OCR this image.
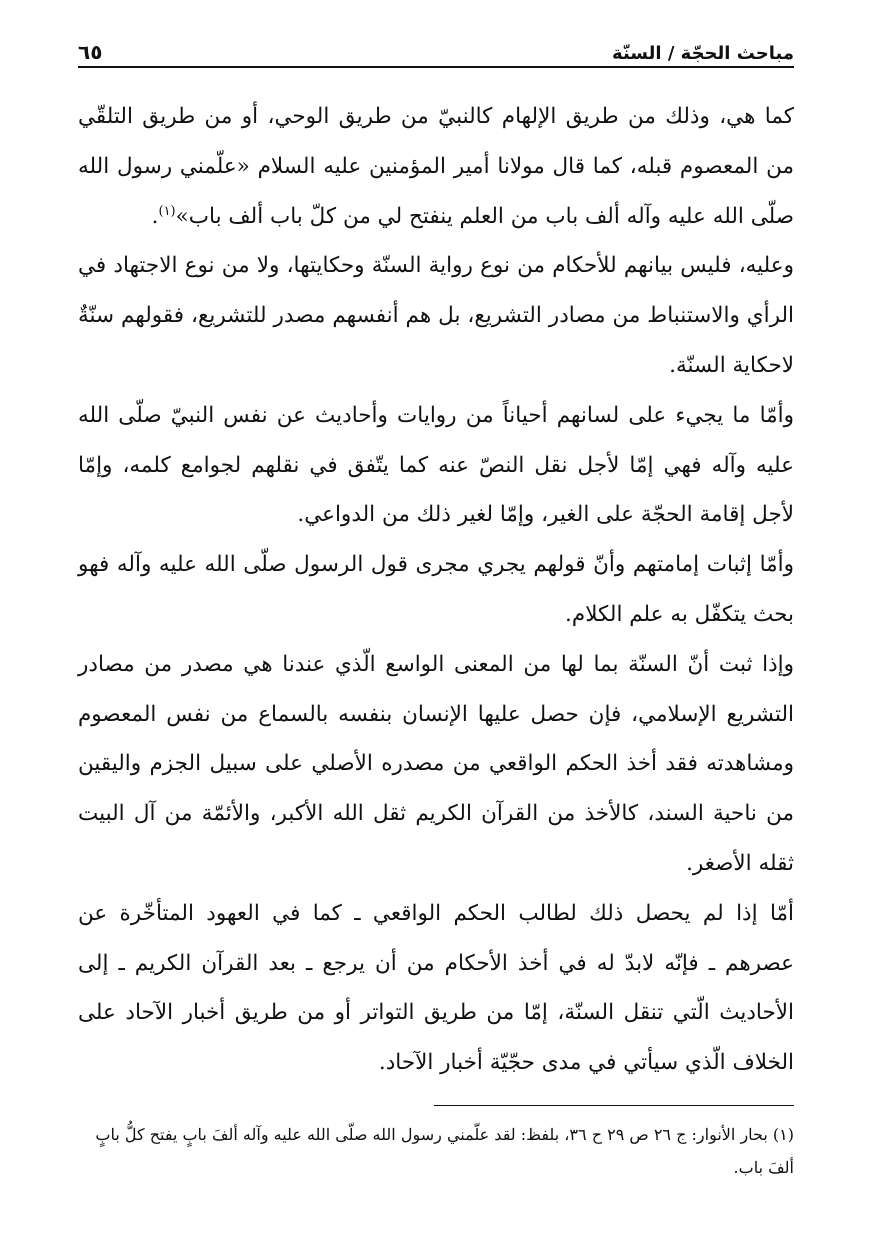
مباحث الحجّة / السنّة
٦٥

كما هي، وذلك من طريق الإلهام كالنبيّ من طريق الوحي، أو من طريق التلقّي من المعصوم قبله، كما قال مولانا أمير المؤمنين عليه السلام «علّمني رسول الله صلّى الله عليه وآله ألف باب من العلم ينفتح لي من كلّ باب ألف باب»$^{(١)}$.

وعليه، فليس بيانهم للأحكام من نوع رواية السنّة وحكايتها، ولا من نوع الاجتهاد في الرأي والاستنباط من مصادر التشريع، بل هم أنفسهم مصدر للتشريع، فقولهم سنّةٌ لاحكاية السنّة.

وأمّا ما يجيء على لسانهم أحياناً من روايات وأحاديث عن نفس النبيّ صلّى الله عليه وآله فهي إمّا لأجل نقل النصّ عنه كما يتّفق في نقلهم لجوامع كلمه، وإمّا لأجل إقامة الحجّة على الغير، وإمّا لغير ذلك من الدواعي.

وأمّا إثبات إمامتهم وأنّ قولهم يجري مجرى قول الرسول صلّى الله عليه وآله فهو بحث يتكفّل به علم الكلام.

وإذا ثبت أنّ السنّة بما لها من المعنى الواسع الّذي عندنا هي مصدر من مصادر التشريع الإسلامي، فإن حصل عليها الإنسان بنفسه بالسماع من نفس المعصوم ومشاهدته فقد أخذ الحكم الواقعي من مصدره الأصلي على سبيل الجزم واليقين من ناحية السند، كالأخذ من القرآن الكريم ثقل الله الأكبر، والأئمّة من آل البيت ثقله الأصغر.

أمّا إذا لم يحصل ذلك لطالب الحكم الواقعي ـ كما في العهود المتأخّرة عن عصرهم ـ فإنّه لابدّ له في أخذ الأحكام من أن يرجع ـ بعد القرآن الكريم ـ إلى الأحاديث الّتي تنقل السنّة، إمّا من طريق التواتر أو من طريق أخبار الآحاد على الخلاف الّذي سيأتي في مدى حجّيّة أخبار الآحاد.

(١) بحار الأنوار: ج ٢٦ ص ٢٩ ح ٣٦، بلفظ: لقد علّمني رسول الله صلّى الله عليه وآله ألفَ بابٍ يفتح كلُّ بابٍ ألفَ باب.
